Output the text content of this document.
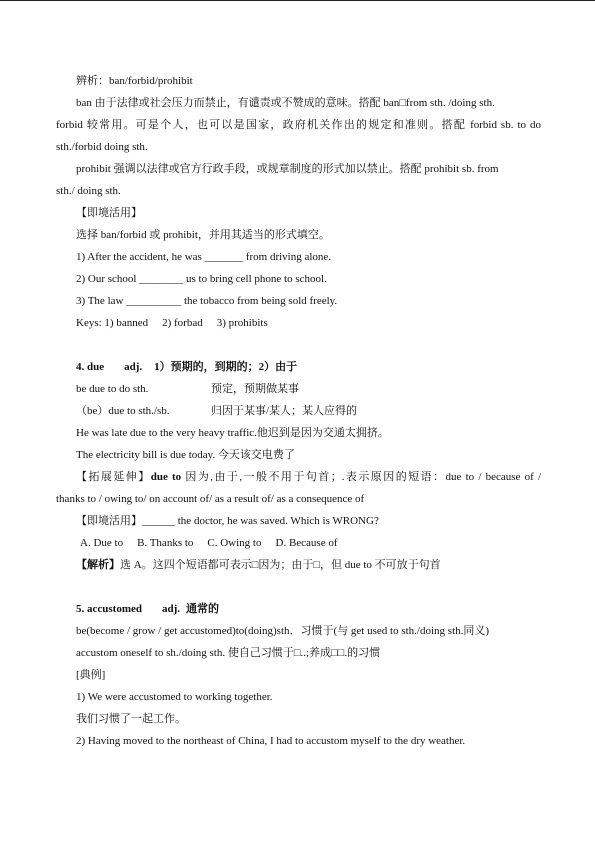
辨析：ban/forbid/prohibit

ban 由于法律或社会压力而禁止，有谴责或不赞成的意味。搭配 ban□from sth. /doing sth.

forbid 较常用。可是个人，也可以是国家，政府机关作出的规定和准则。搭配 forbid sb. to do

sth./forbid doing sth.

prohibit 强调以法律或官方行政手段，或规章制度的形式加以禁止。搭配 prohibit sb. from

sth./ doing sth.

【即境活用】

选择 ban/forbid 或 prohibit，并用其适当的形式填空。

1) After the accident, he was _______ from driving alone.

2) Our school ________ us to bring cell phone to school.

3) The law __________ the tobacco from being sold freely.

Keys: 1) banned 2) forbad 3) prohibits

4. due adj. 1）预期的，到期的；2）由于

be due to do sth.	预定，预期做某事

（be）due to sth./sb.	归因于某事/某人；某人应得的

He was late due to the very heavy traffic.他迟到是因为交通太拥挤。

The electricity bill is due today. 今天该交电费了

【拓展延伸】due to 因为,由于,一般不用于句首；.表示原因的短语：due to / because of /

thanks to / owing to/ on account of/ as a result of/ as a consequence of

【即境活用】______ the doctor, he was saved. Which is WRONG?

A. Due to B. Thanks to C. Owing to D. Because of

【解析】选 A。这四个短语都可表示□因为；由于□，但 due to 不可放于句首

5. accustomed adj. 通常的

be(become / grow / get accustomed)to(doing)sth．习惯于(与 get used to sth./doing sth.同义)

accustom oneself to sh./doing sth. 使自己习惯于□..;养成□□.的习惯

[典例]

1) We were accustomed to working together.

我们习惯了一起工作。

2) Having moved to the northeast of China, I had to accustom myself to the dry weather.
